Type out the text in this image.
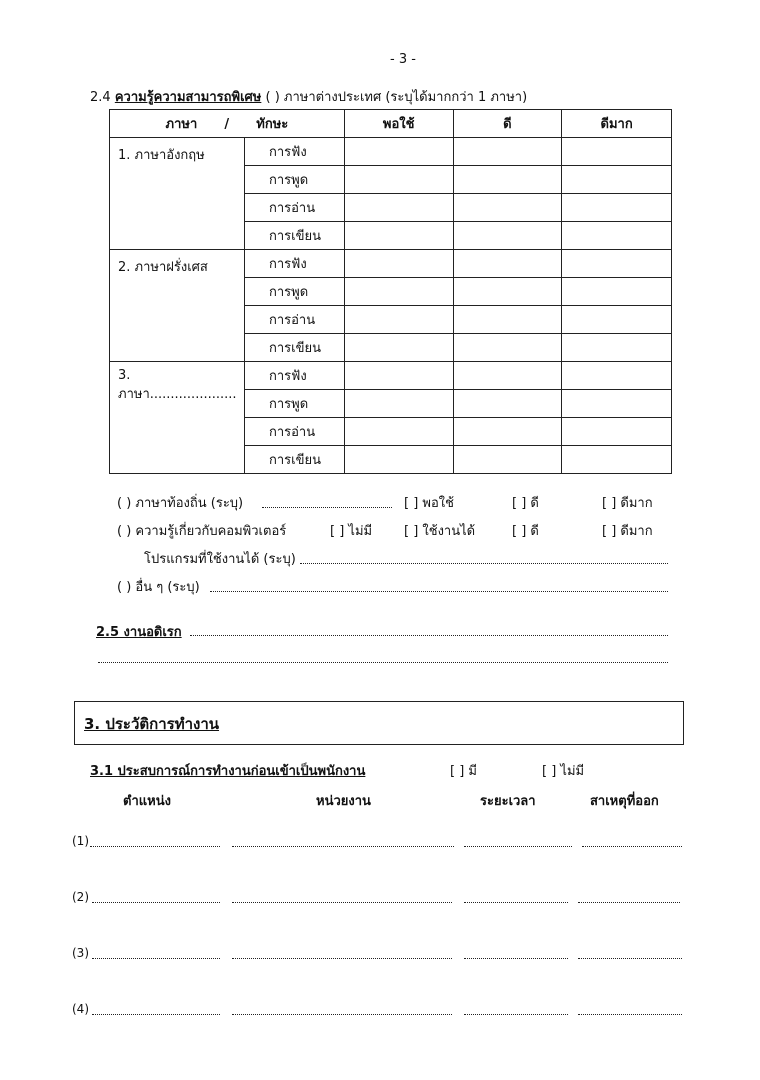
- 3 -
2.4 ความรู้ความสามารถพิเศษ ( ) ภาษาต่างประเทศ (ระบุได้มากกว่า 1 ภาษา)
ภาษา      /      ทักษะ		พอใช้	ดี	ดีมาก
1. ภาษาอังกฤษ	การฟัง			
	การพูด			
	การอ่าน			
	การเขียน			
2. ภาษาฝรั่งเศส	การฟัง			
	การพูด			
	การอ่าน			
	การเขียน			
3. ภาษา.....................	การฟัง			
	การพูด			
	การอ่าน			
	การเขียน			
( ) ภาษาท้องถิ่น (ระบุ)	[ ] พอใช้	[ ] ดี	[ ] ดีมาก
( ) ความรู้เกี่ยวกับคอมพิวเตอร์	[ ] ไม่มี [ ] ใช้งานได้	[ ] ดี	[ ] ดีมาก
โปรแกรมที่ใช้งานได้ (ระบุ)
( ) อื่น ๆ (ระบุ)
2.5 งานอดิเรก
3. ประวัติการทำงาน
3.1 ประสบการณ์การทำงานก่อนเข้าเป็นพนักงาน	[ ] มี	[ ] ไม่มี
ตำแหน่ง	หน่วยงาน	ระยะเวลา	สาเหตุที่ออก
(1)
(2)
(3)
(4)
